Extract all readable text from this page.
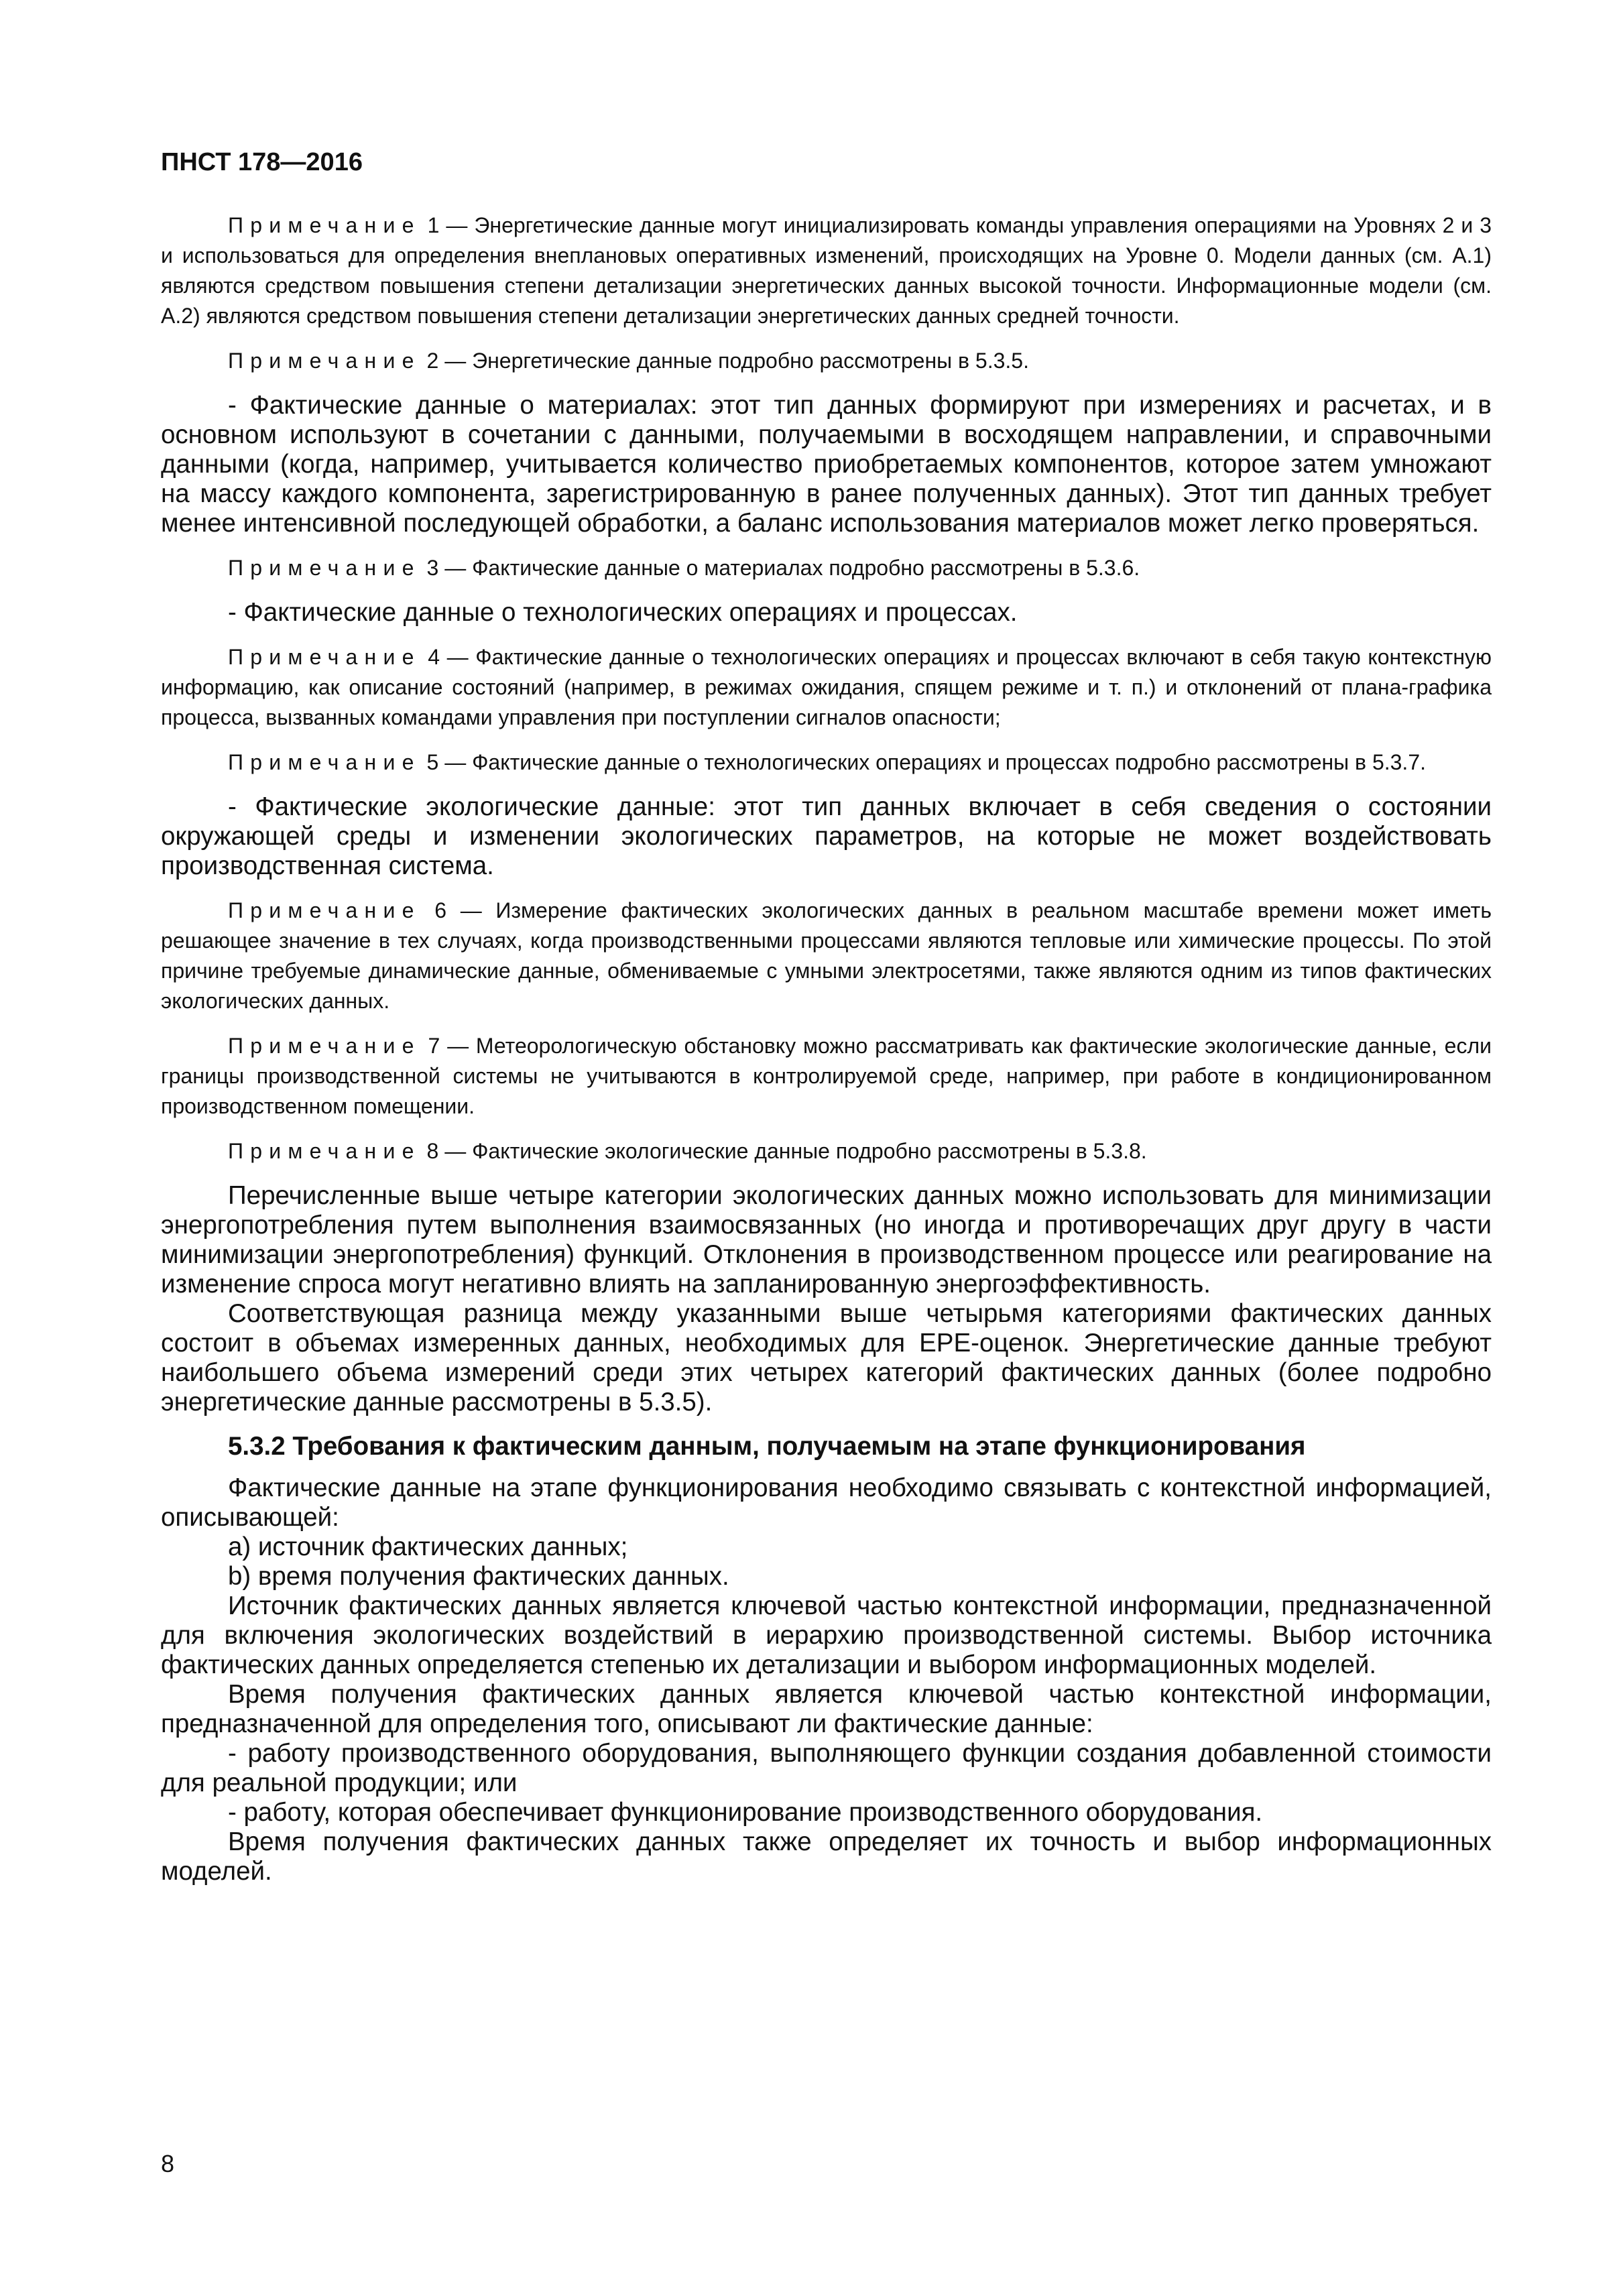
ПНСТ 178—2016

Примечание 1 — Энергетические данные могут инициализировать команды управления операциями на Уровнях 2 и 3 и использоваться для определения внеплановых оперативных изменений, происходящих на Уровне 0. Модели данных (см. А.1) являются средством повышения степени детализации энергетических данных высокой точности. Информационные модели (см. А.2) являются средством повышения степени детализации энергетических данных средней точности.

Примечание 2 — Энергетические данные подробно рассмотрены в 5.3.5.

- Фактические данные о материалах: этот тип данных формируют при измерениях и расчетах, и в основном используют в сочетании с данными, получаемыми в восходящем направлении, и справочными данными (когда, например, учитывается количество приобретаемых компонентов, которое затем умножают на массу каждого компонента, зарегистрированную в ранее полученных данных). Этот тип данных требует менее интенсивной последующей обработки, а баланс использования материалов может легко проверяться.

Примечание 3 — Фактические данные о материалах подробно рассмотрены в 5.3.6.

- Фактические данные о технологических операциях и процессах.

Примечание 4 — Фактические данные о технологических операциях и процессах включают в себя такую контекстную информацию, как описание состояний (например, в режимах ожидания, спящем режиме и т. п.) и отклонений от плана-графика процесса, вызванных командами управления при поступлении сигналов опасности;

Примечание 5 — Фактические данные о технологических операциях и процессах подробно рассмотрены в 5.3.7.

- Фактические экологические данные: этот тип данных включает в себя сведения о состоянии окружающей среды и изменении экологических параметров, на которые не может воздействовать производственная система.

Примечание 6 — Измерение фактических экологических данных в реальном масштабе времени может иметь решающее значение в тех случаях, когда производственными процессами являются тепловые или химические процессы. По этой причине требуемые динамические данные, обмениваемые с умными электросетями, также являются одним из типов фактических экологических данных.

Примечание 7 — Метеорологическую обстановку можно рассматривать как фактические экологические данные, если границы производственной системы не учитываются в контролируемой среде, например, при работе в кондиционированном производственном помещении.

Примечание 8 — Фактические экологические данные подробно рассмотрены в 5.3.8.

Перечисленные выше четыре категории экологических данных можно использовать для минимизации энергопотребления путем выполнения взаимосвязанных (но иногда и противоречащих друг другу в части минимизации энергопотребления) функций. Отклонения в производственном процессе или реагирование на изменение спроса могут негативно влиять на запланированную энергоэффективность.

Соответствующая разница между указанными выше четырьмя категориями фактических данных состоит в объемах измеренных данных, необходимых для EPE-оценок. Энергетические данные требуют наибольшего объема измерений среди этих четырех категорий фактических данных (более подробно энергетические данные рассмотрены в 5.3.5).

5.3.2 Требования к фактическим данным, получаемым на этапе функционирования

Фактические данные на этапе функционирования необходимо связывать с контекстной информацией, описывающей:

а) источник фактических данных;

b) время получения фактических данных.

Источник фактических данных является ключевой частью контекстной информации, предназначенной для включения экологических воздействий в иерархию производственной системы. Выбор источника фактических данных определяется степенью их детализации и выбором информационных моделей.

Время получения фактических данных является ключевой частью контекстной информации, предназначенной для определения того, описывают ли фактические данные:

- работу производственного оборудования, выполняющего функции создания добавленной стоимости для реальной продукции; или

- работу, которая обеспечивает функционирование производственного оборудования.

Время получения фактических данных также определяет их точность и выбор информационных моделей.

8
